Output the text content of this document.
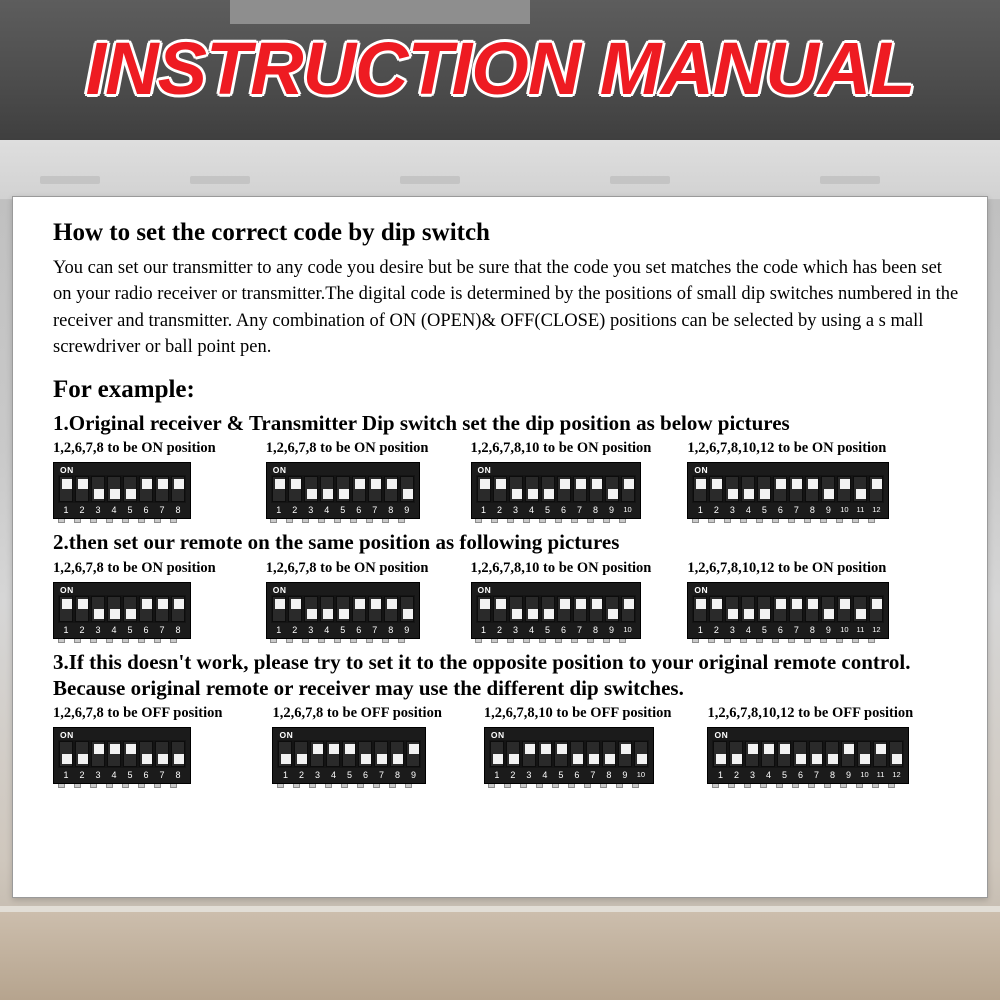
INSTRUCTION MANUAL
How to set the correct code by dip switch

You can set our transmitter to any code you desire but be sure that the code you set matches the code which has been set on your radio receiver or transmitter.The digital code is determined by the positions of small dip switches numbered in the receiver and transmitter. Any combination of ON (OPEN)& OFF(CLOSE) positions can be selected by using a s mall screwdriver or ball point pen.

For example:
1.Original receiver & Transmitter Dip switch set the dip position as below pictures
1,2,6,7,8 to be ON position
ON
1	2	3	4	5	6	7	8
1,2,6,7,8 to be ON position
ON
1	2	3	4	5	6	7	8	9
1,2,6,7,8,10 to be ON position
ON
1	2	3	4	5	6	7	8	9	10
1,2,6,7,8,10,12 to be ON position
ON
1	2	3	4	5	6	7	8	9	10	11	12
2.then set our remote on the same position as following pictures
1,2,6,7,8 to be ON position
ON
1	2	3	4	5	6	7	8
1,2,6,7,8 to be ON position
ON
1	2	3	4	5	6	7	8	9
1,2,6,7,8,10 to be ON position
ON
1	2	3	4	5	6	7	8	9	10
1,2,6,7,8,10,12 to be ON position
ON
1	2	3	4	5	6	7	8	9	10	11	12
3.If this doesn't work, please try to set it to the opposite position to your original remote control. Because original remote or receiver may use the different dip switches.
1,2,6,7,8 to be OFF position
ON
1	2	3	4	5	6	7	8
1,2,6,7,8 to be OFF position
ON
1	2	3	4	5	6	7	8	9
1,2,6,7,8,10 to be OFF position
ON
1	2	3	4	5	6	7	8	9	10
1,2,6,7,8,10,12 to be OFF position
ON
1	2	3	4	5	6	7	8	9	10	11	12
